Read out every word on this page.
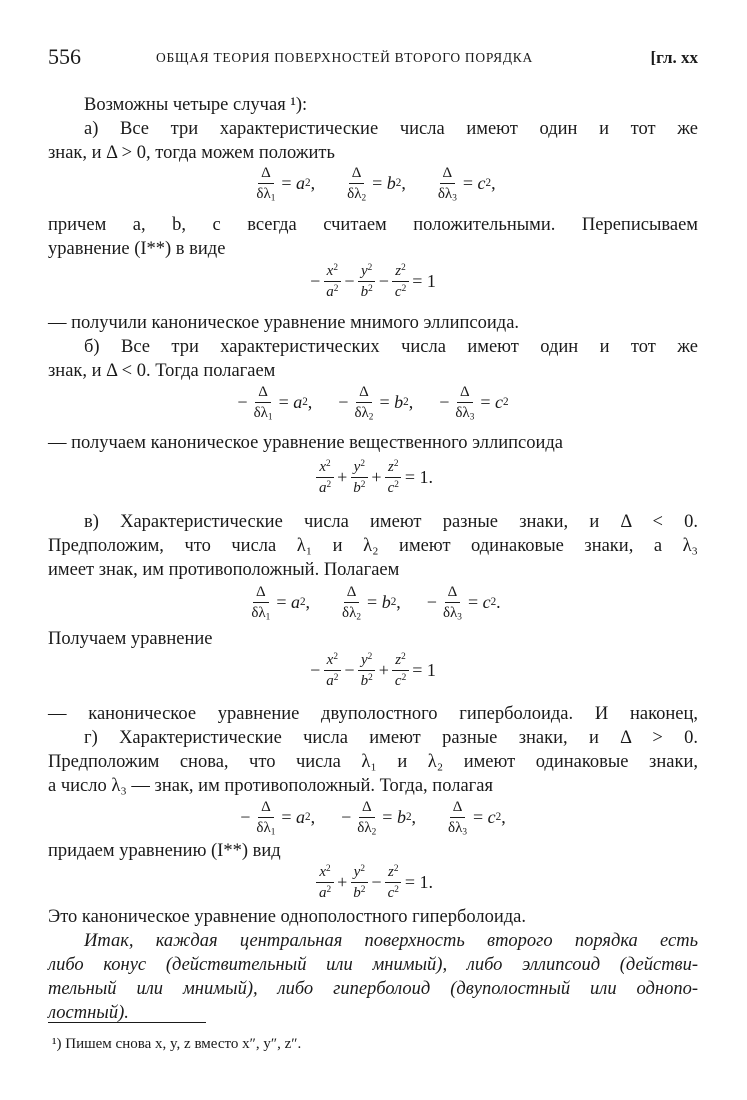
556	ОБЩАЯ ТЕОРИЯ ПОВЕРХНОСТЕЙ ВТОРОГО ПОРЯДКА	[гл. xx
Возможны четыре случая ¹):
а) Все три характеристические числа имеют один и тот же
знак, и Δ > 0, тогда можем положить
$\frac{\Delta}{\delta\lambda_1}$ =
a 2 , $\frac{\Delta}{\delta\lambda_2}$ =
b 2 , $\frac{\Delta}{\delta\lambda_3}$ =
c 2 ,
причем a, b, c всегда считаем положительными. Переписываем
уравнение (I**) в виде
− $\frac{x^2}{a^2} - \frac{y^2}{b^2} - \frac{z^2}{c^2}$ =
1
— получили каноническое уравнение мнимого эллипсоида.
б) Все три характеристических числа имеют один и тот же
знак, и Δ < 0. Тогда полагаем
− $\frac{\Delta}{\delta\lambda_1}$ =
a 2 , − $\frac{\Delta}{\delta\lambda_2}$ =
b 2 , − $\frac{\Delta}{\delta\lambda_3}$ =
c 2
— получаем каноническое уравнение вещественного эллипсоида
$\frac{x^2}{a^2} + \frac{y^2}{b^2} + \frac{z^2}{c^2}$ =
1.
в) Характеристические числа имеют разные знаки, и Δ < 0.
Предположим, что числа λ₁ и λ₂ имеют одинаковые знаки, а λ₃
имеет знак, им противоположный. Полагаем
$\frac{\Delta}{\delta\lambda_1}$ =
a 2 , $\frac{\Delta}{\delta\lambda_2}$ =
b 2 , − $\frac{\Delta}{\delta\lambda_3}$ =
c 2 .
Получаем уравнение
− $\frac{x^2}{a^2} - \frac{y^2}{b^2} + \frac{z^2}{c^2}$ =
1
— каноническое уравнение двуполостного гиперболоида. И наконец,
г) Характеристические числа имеют разные знаки, и Δ > 0.
Предположим снова, что числа λ₁ и λ₂ имеют одинаковые знаки,
а число λ₃ — знак, им противоположный. Тогда, полагая
− $\frac{\Delta}{\delta\lambda_1}$ =
a 2 , − $\frac{\Delta}{\delta\lambda_2}$ =
b 2 , $\frac{\Delta}{\delta\lambda_3}$ =
c 2 ,
придаем уравнению (I**) вид
$\frac{x^2}{a^2} + \frac{y^2}{b^2} - \frac{z^2}{c^2}$ =
1.
Это каноническое уравнение однополостного гиперболоида.
Итак, каждая центральная поверхность второго порядка есть
либо конус (действительный или мнимый), либо эллипсоид (действи-
тельный или мнимый), либо гиперболоид (двуполостный или однопо-
лостный).
¹) Пишем снова x, y, z вместо x″, y″, z″.
